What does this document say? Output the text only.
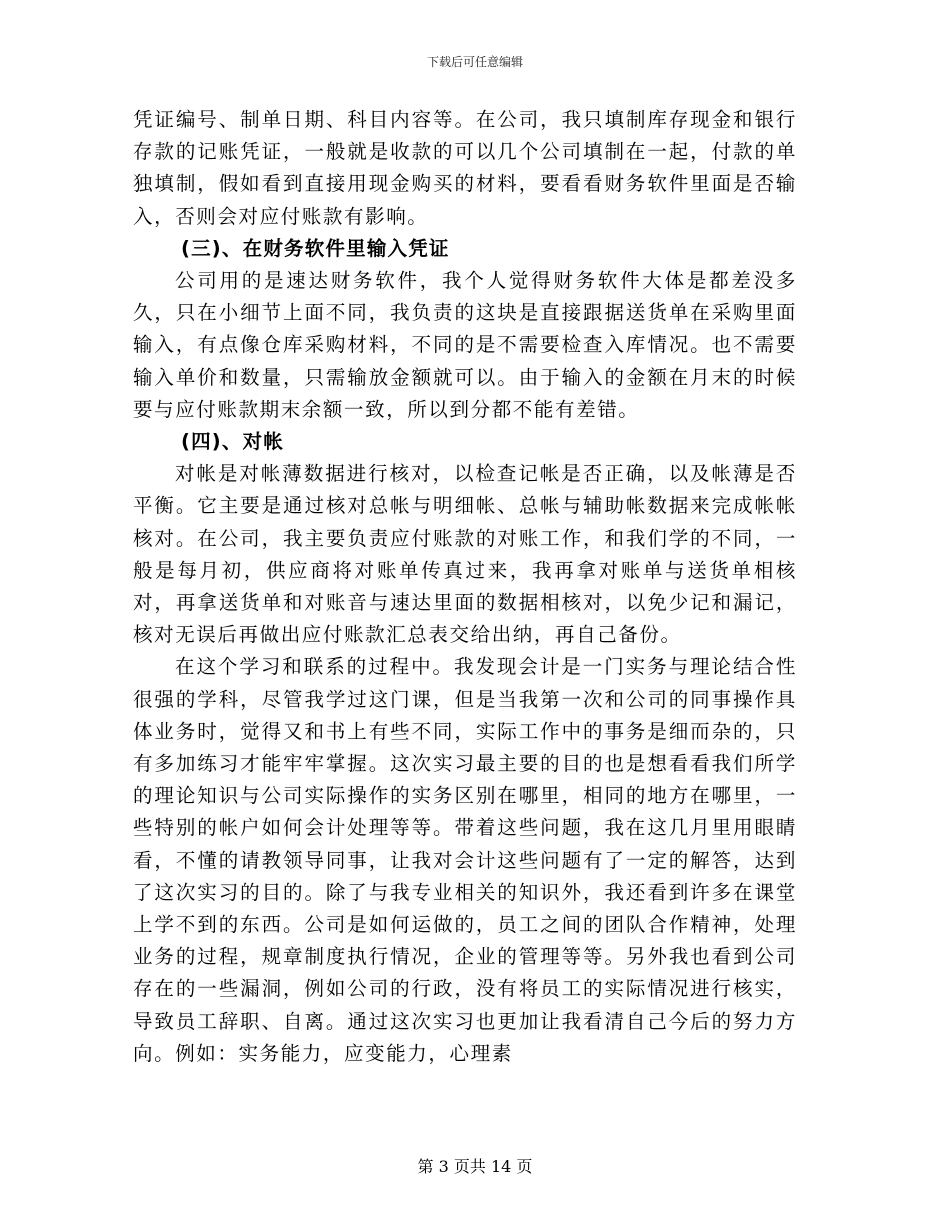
下载后可任意编辑

凭证编号、制单日期、科目内容等。在公司，我只填制库存现金和银行存款的记账凭证，一般就是收款的可以几个公司填制在一起，付款的单独填制，假如看到直接用现金购买的材料，要看看财务软件里面是否输入，否则会对应付账款有影响。

(三)、在财务软件里输入凭证

公司用的是速达财务软件，我个人觉得财务软件大体是都差没多久，只在小细节上面不同，我负责的这块是直接跟据送货单在采购里面输入，有点像仓库采购材料，不同的是不需要检查入库情况。也不需要输入单价和数量，只需输放金额就可以。由于输入的金额在月末的时候要与应付账款期末余额一致，所以到分都不能有差错。

(四)、对帐

对帐是对帐薄数据进行核对，以检查记帐是否正确，以及帐薄是否平衡。它主要是通过核对总帐与明细帐、总帐与辅助帐数据来完成帐帐核对。在公司，我主要负责应付账款的对账工作，和我们学的不同，一般是每月初，供应商将对账单传真过来，我再拿对账单与送货单相核对，再拿送货单和对账音与速达里面的数据相核对，以免少记和漏记，核对无误后再做出应付账款汇总表交给出纳，再自己备份。

在这个学习和联系的过程中。我发现会计是一门实务与理论结合性很强的学科，尽管我学过这门课，但是当我第一次和公司的同事操作具体业务时，觉得又和书上有些不同，实际工作中的事务是细而杂的，只有多加练习才能牢牢掌握。这次实习最主要的目的也是想看看我们所学的理论知识与公司实际操作的实务区别在哪里，相同的地方在哪里，一些特别的帐户如何会计处理等等。带着这些问题，我在这几月里用眼睛看，不懂的请教领导同事，让我对会计这些问题有了一定的解答，达到了这次实习的目的。除了与我专业相关的知识外，我还看到许多在课堂上学不到的东西。公司是如何运做的，员工之间的团队合作精神，处理业务的过程，规章制度执行情况，企业的管理等等。另外我也看到公司存在的一些漏洞，例如公司的行政，没有将员工的实际情况进行核实，导致员工辞职、自离。通过这次实习也更加让我看清自己今后的努力方向。例如：实务能力，应变能力，心理素

第 3 页共 14 页
